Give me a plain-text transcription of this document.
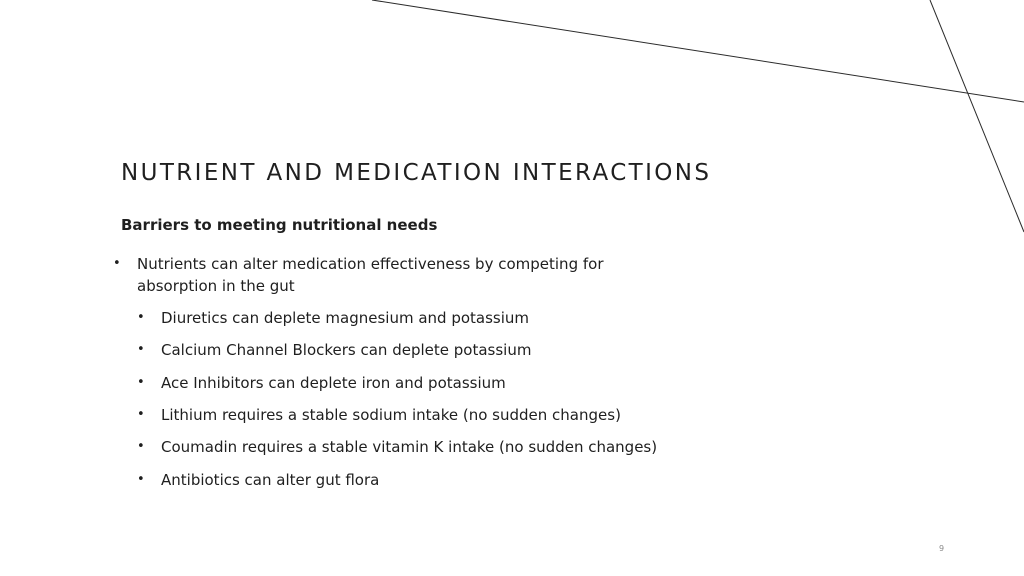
NUTRIENT AND MEDICATION INTERACTIONS
Barriers to meeting nutritional needs
• Nutrients can alter medication effectiveness by competing for absorption in the gut
• Diuretics can deplete magnesium and potassium
• Calcium Channel Blockers can deplete potassium
• Ace Inhibitors can deplete iron and potassium
• Lithium requires a stable sodium intake (no sudden changes)
• Coumadin requires a stable vitamin K intake (no sudden changes)
• Antibiotics can alter gut flora
9
